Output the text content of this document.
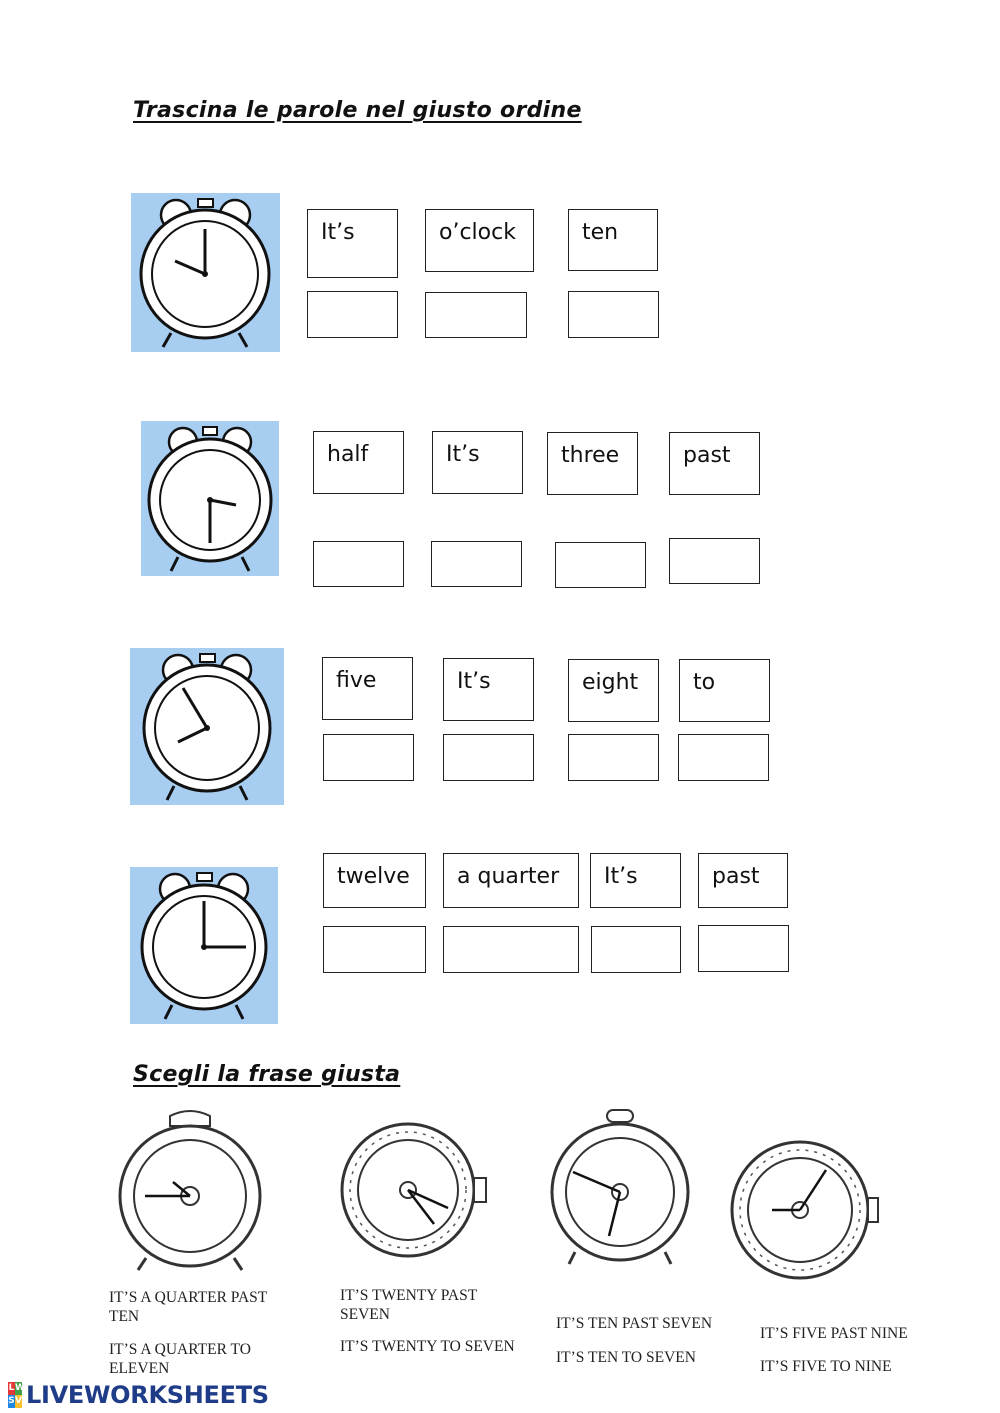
Trascina le parole nel giusto ordine
It’s	o’clock	ten
half	It’s	three	past
five	It’s	eight	to
twelve	a quarter	It’s	past
Scegli la frase giusta
IT’S A QUARTER PAST TEN
IT’S A QUARTER TO ELEVEN
IT’S TWENTY PAST SEVEN
IT’S TWENTY TO SEVEN
IT’S TEN PAST SEVEN
IT’S TEN TO SEVEN
IT’S FIVE PAST NINE
IT’S FIVE TO NINE
L W
S V LIVEWORKSHEETS
